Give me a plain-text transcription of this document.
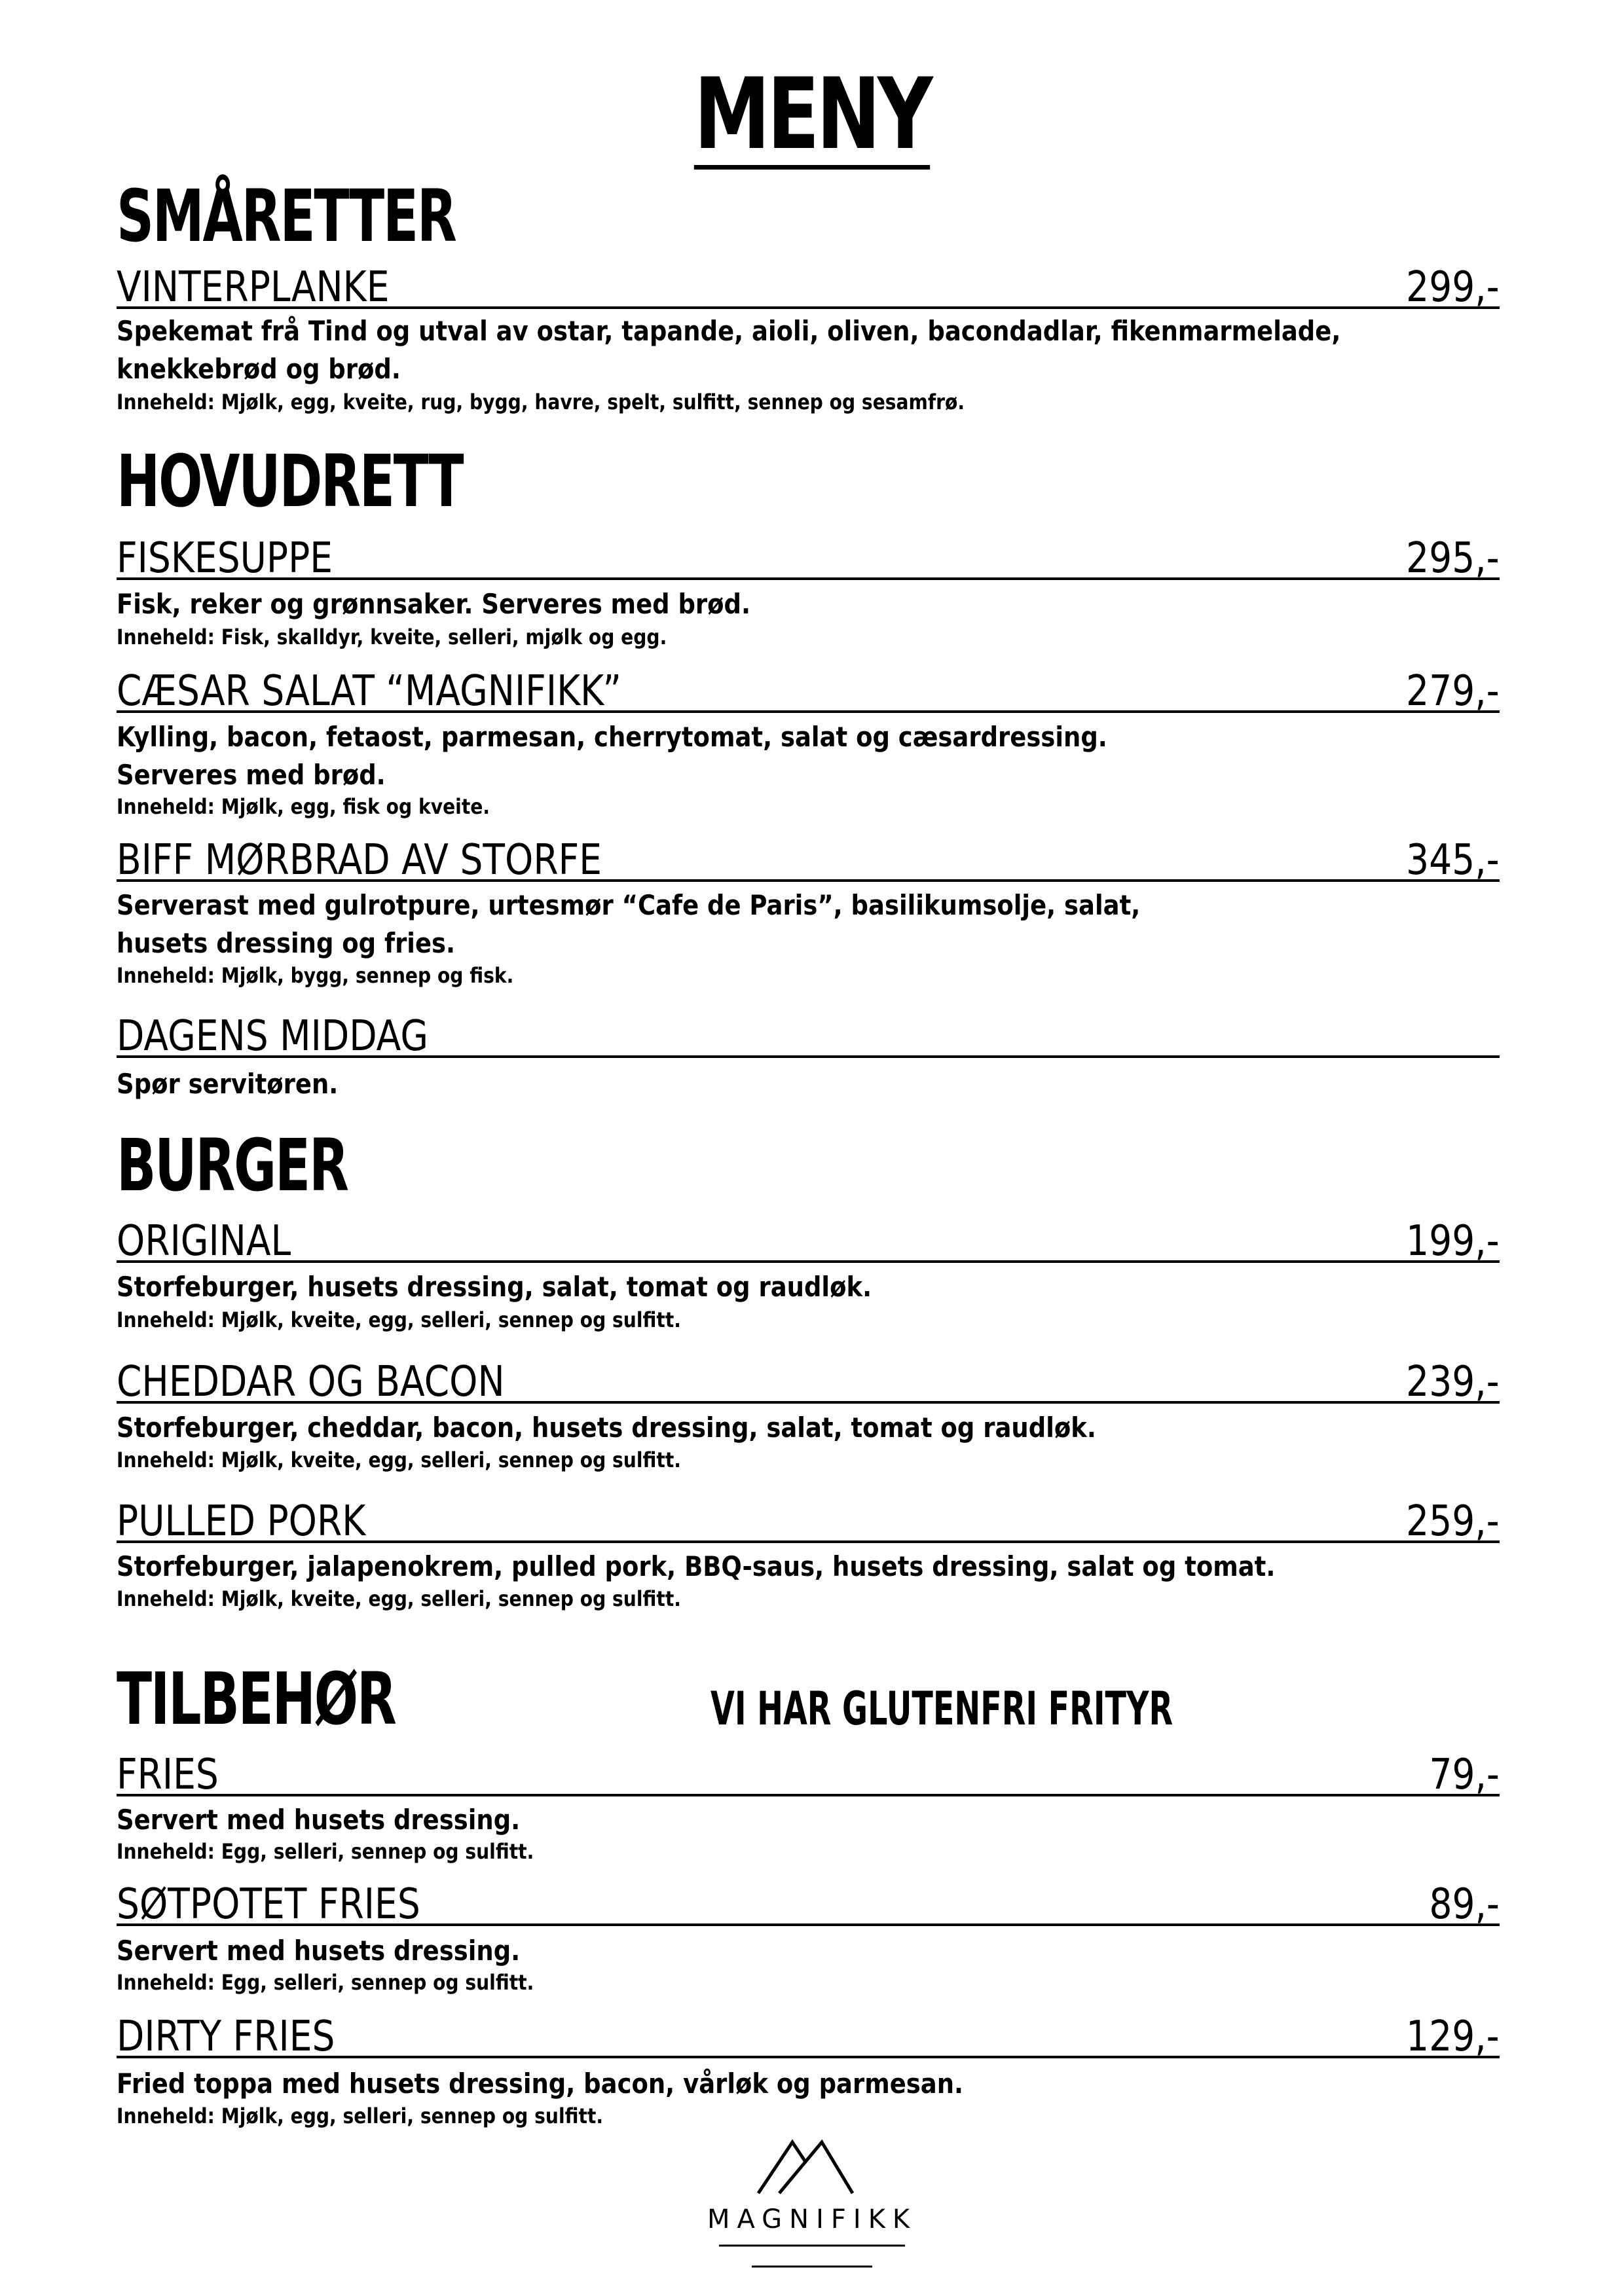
MENY
SMÅRETTER
VINTERPLANKE	299,-
Spekemat frå Tind og utval av ostar, tapande, aioli, oliven, bacondadlar, fikenmarmelade,
knekkebrød og brød.
Inneheld: Mjølk, egg, kveite, rug, bygg, havre, spelt, sulfitt, sennep og sesamfrø.
HOVUDRETT
FISKESUPPE	295,-
Fisk, reker og grønnsaker. Serveres med brød.
Inneheld: Fisk, skalldyr, kveite, selleri, mjølk og egg.
CÆSAR SALAT “MAGNIFIKK”	279,-
Kylling, bacon, fetaost, parmesan, cherrytomat, salat og cæsardressing.
Serveres med brød.
Inneheld: Mjølk, egg, fisk og kveite.
BIFF MØRBRAD AV STORFE	345,-
Serverast med gulrotpure, urtesmør “Cafe de Paris”, basilikumsolje, salat,
husets dressing og fries.
Inneheld: Mjølk, bygg, sennep og fisk.
DAGENS MIDDAG
Spør servitøren.
BURGER
ORIGINAL	199,-
Storfeburger, husets dressing, salat, tomat og raudløk.
Inneheld: Mjølk, kveite, egg, selleri, sennep og sulfitt.
CHEDDAR OG BACON	239,-
Storfeburger, cheddar, bacon, husets dressing, salat, tomat og raudløk.
Inneheld: Mjølk, kveite, egg, selleri, sennep og sulfitt.
PULLED PORK	259,-
Storfeburger, jalapenokrem, pulled pork, BBQ-saus, husets dressing, salat og tomat.
Inneheld: Mjølk, kveite, egg, selleri, sennep og sulfitt.
TILBEHØR	VI HAR GLUTENFRI FRITYR
FRIES	79,-
Servert med husets dressing.
Inneheld: Egg, selleri, sennep og sulfitt.
SØTPOTET FRIES	89,-
Servert med husets dressing.
Inneheld: Egg, selleri, sennep og sulfitt.
DIRTY FRIES	129,-
Fried toppa med husets dressing, bacon, vårløk og parmesan.
Inneheld: Mjølk, egg, selleri, sennep og sulfitt.
MAGNIFIKK
